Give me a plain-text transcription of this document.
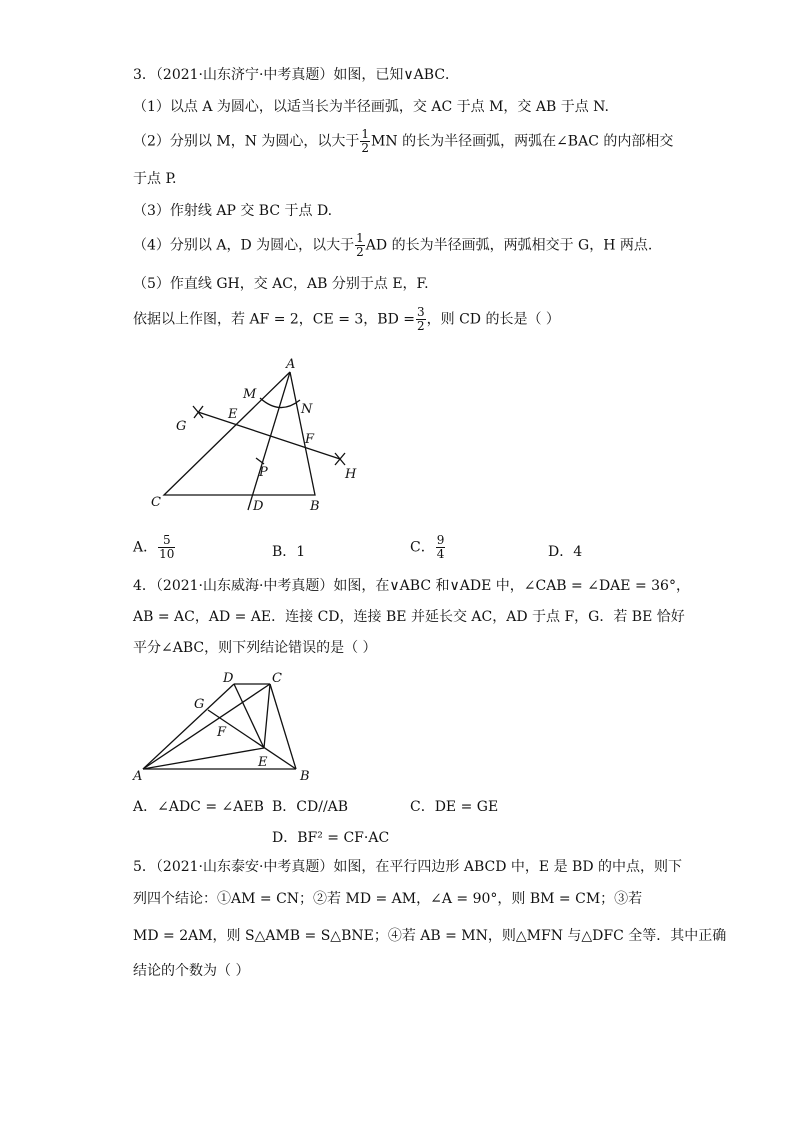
3．（2021·山东济宁·中考真题）如图，已知∨ABC．
（1）以点 A 为圆心，以适当长为半径画弧，交 AC 于点 M，交 AB 于点 N.
（2）分别以 M，N 为圆心，以大于 $\frac{1}{2}$ MN 的长为半径画弧，两弧在∠BAC 的内部相交
于点 P.
（3）作射线 AP 交 BC 于点 D.
（4）分别以 A，D 为圆心，以大于 $\frac{1}{2}$ AD 的长为半径画弧，两弧相交于 G，H 两点.
（5）作直线 GH，交 AC，AB 分别于点 E，F.
依据以上作图，若 AF = 2，CE = 3，BD = $\frac{3}{2}$ ，则 CD 的长是（ ）
A
M
N
E
G
F
H
P
C	D	B
A． $\frac{5}{10}$	B．1	C． $\frac{9}{4}$	D．4
4．（2021·山东威海·中考真题）如图，在∨ABC 和∨ADE 中，∠CAB = ∠DAE = 36°，
AB = AC，AD = AE．连接 CD，连接 BE 并延长交 AC，AD 于点 F，G．若 BE 恰好
平分∠ABC，则下列结论错误的是（ ）
D	C
G
F
E
A	B
A．∠ADC = ∠AEB B．CD//AB	C．DE = GE
D．BF² = CF·AC
5．（2021·山东泰安·中考真题）如图，在平行四边形 ABCD 中，E 是 BD 的中点，则下
列四个结论：①AM = CN；②若 MD = AM，∠A = 90°，则 BM = CM；③若
MD = 2AM，则 S△AMB = S△BNE；④若 AB = MN，则△MFN 与△DFC 全等．其中正确
结论的个数为（ ）
